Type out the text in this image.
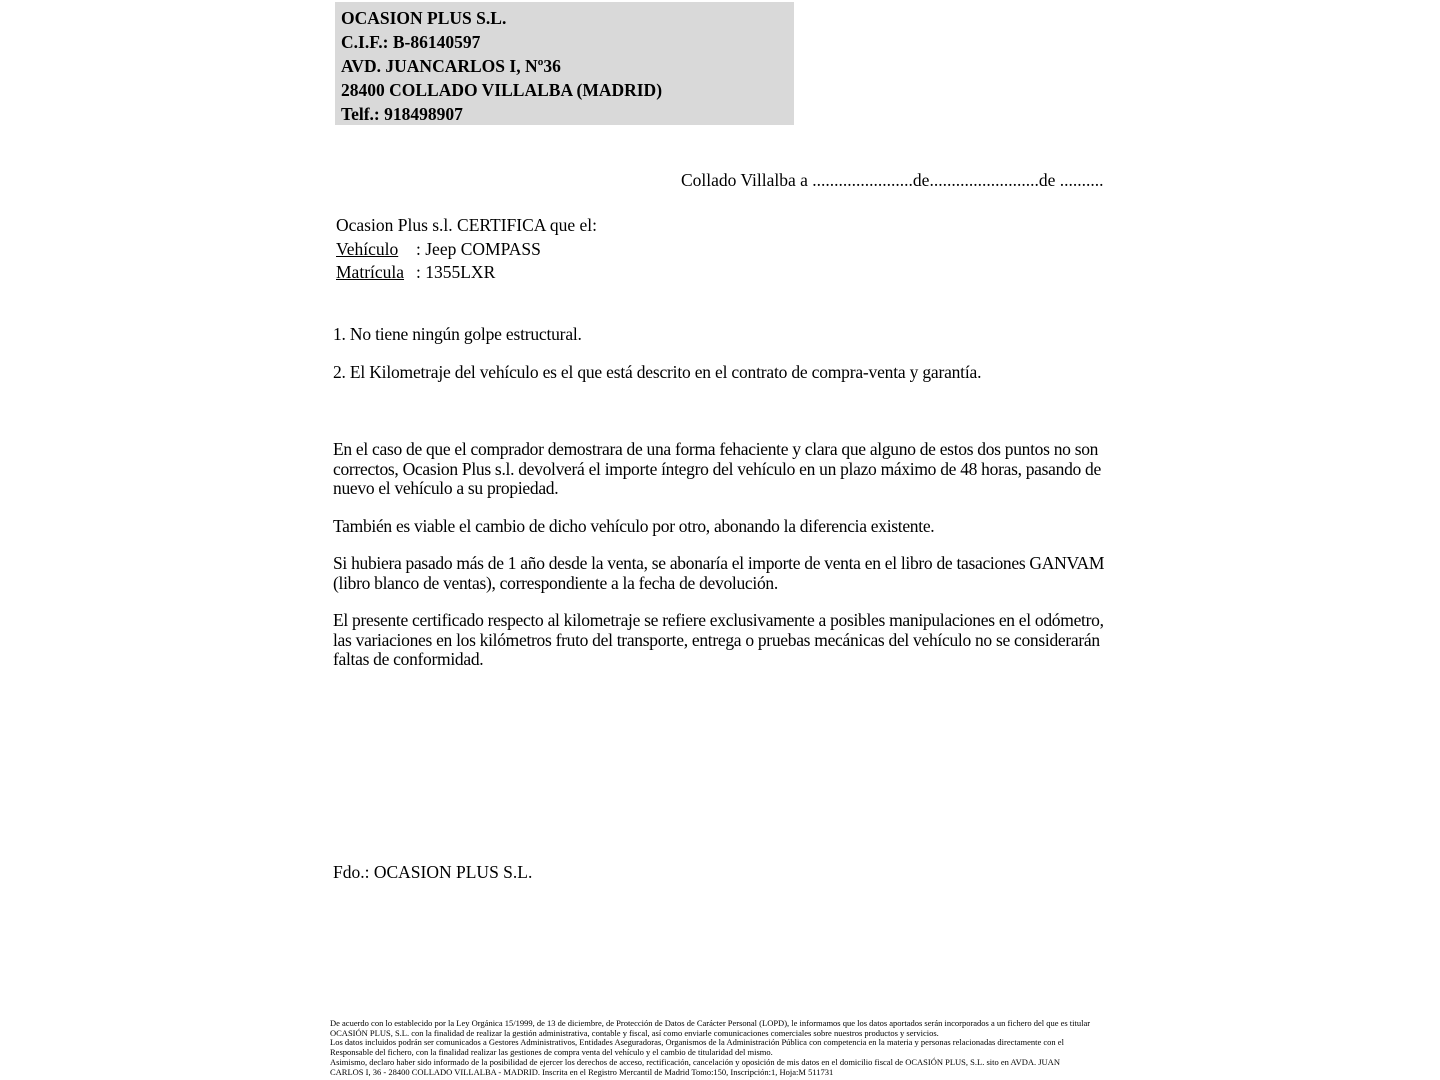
OCASION PLUS S.L.
C.I.F.: B-86140597
AVD. JUANCARLOS I, Nº36
28400 COLLADO VILLALBA (MADRID)
Telf.: 918498907
Collado Villalba a .......................de.........................de ..........
Ocasion Plus s.l. CERTIFICA que el:
Vehículo : Jeep COMPASS
Matrícula : 1355LXR
1. No tiene ningún golpe estructural.
2. El Kilometraje del vehículo es el que está descrito en el contrato de compra-venta y garantía.

En el caso de que el comprador demostrara de una forma fehaciente y clara que alguno de estos dos puntos no son correctos, Ocasion Plus s.l. devolverá el importe íntegro del vehículo en un plazo máximo de 48 horas, pasando de nuevo el vehículo a su propiedad.

También es viable el cambio de dicho vehículo por otro, abonando la diferencia existente.

Si hubiera pasado más de 1 año desde la venta, se abonaría el importe de venta en el libro de tasaciones GANVAM (libro blanco de ventas), correspondiente a la fecha de devolución.

El presente certificado respecto al kilometraje se refiere exclusivamente a posibles manipulaciones en el odómetro, las variaciones en los kilómetros fruto del transporte, entrega o pruebas mecánicas del vehículo no se considerarán faltas de conformidad.

Fdo.: OCASION PLUS S.L.
De acuerdo con lo establecido por la Ley Orgánica 15/1999, de 13 de diciembre, de Protección de Datos de Carácter Personal (LOPD), le informamos que los datos aportados serán incorporados a un fichero del que es titular
OCASIÓN PLUS, S.L. con la finalidad de realizar la gestión administrativa, contable y fiscal, así como enviarle comunicaciones comerciales sobre nuestros productos y servicios.
Los datos incluidos podrán ser comunicados a Gestores Administrativos, Entidades Aseguradoras, Organismos de la Administración Pública con competencia en la materia y personas relacionadas directamente con el
Responsable del fichero, con la finalidad realizar las gestiones de compra venta del vehículo y el cambio de titularidad del mismo.
Asimismo, declaro haber sido informado de la posibilidad de ejercer los derechos de acceso, rectificación, cancelación y oposición de mis datos en el domicilio fiscal de OCASIÓN PLUS, S.L. sito en AVDA. JUAN
CARLOS I, 36 - 28400 COLLADO VILLALBA - MADRID. Inscrita en el Registro Mercantil de Madrid Tomo:150, Inscripción:1, Hoja:M 511731
